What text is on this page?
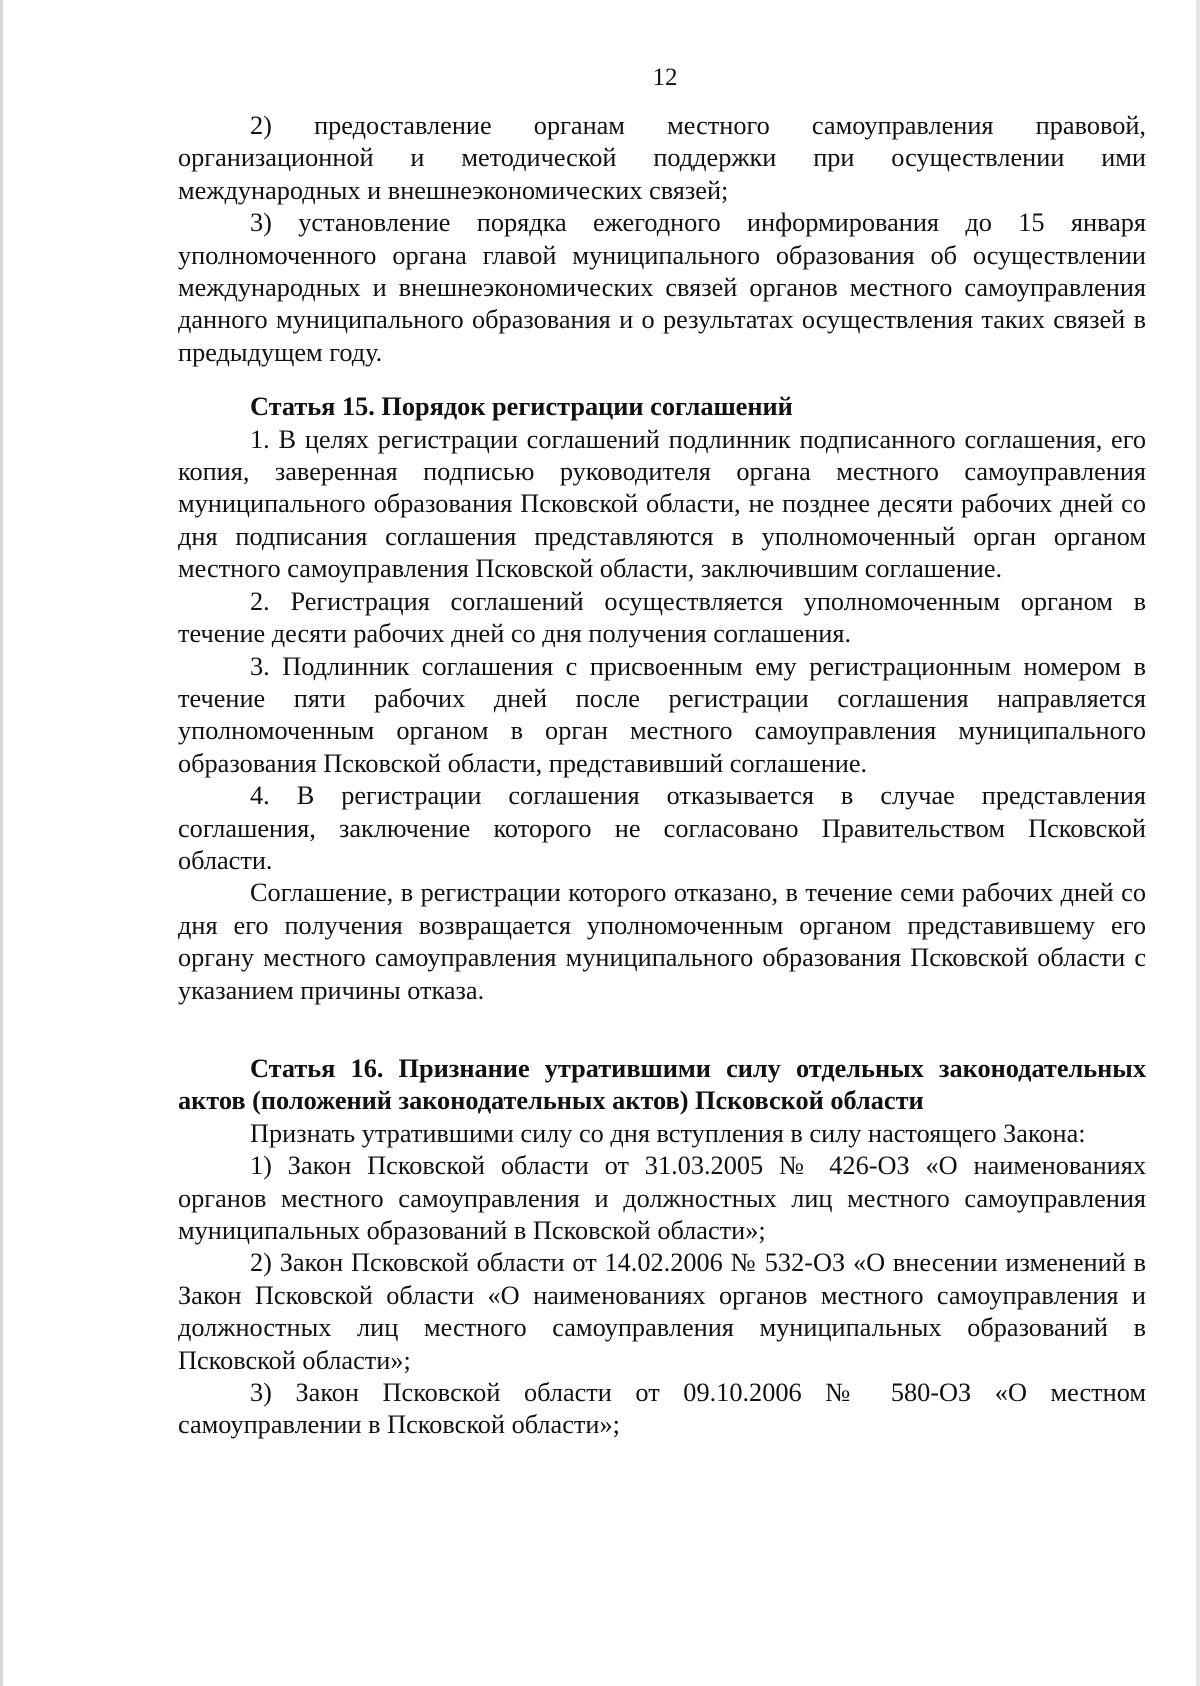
12

2) предоставление органам местного самоуправления правовой, организационной и методической поддержки при осуществлении ими международных и внешнеэкономических связей;

3) установление порядка ежегодного информирования до 15 января уполномоченного органа главой муниципального образования об осуществлении международных и внешнеэкономических связей органов местного самоуправления данного муниципального образования и о результатах осуществления таких связей в предыдущем году.

Статья 15. Порядок регистрации соглашений

1. В целях регистрации соглашений подлинник подписанного соглашения, его копия, заверенная подписью руководителя органа местного самоуправления муниципального образования Псковской области, не позднее десяти рабочих дней со дня подписания соглашения представляются в уполномоченный орган органом местного самоуправления Псковской области, заключившим соглашение.

2. Регистрация соглашений осуществляется уполномоченным органом в течение десяти рабочих дней со дня получения соглашения.

3. Подлинник соглашения с присвоенным ему регистрационным номером в течение пяти рабочих дней после регистрации соглашения направляется уполномоченным органом в орган местного самоуправления муниципального образования Псковской области, представивший соглашение.

4. В регистрации соглашения отказывается в случае представления соглашения, заключение которого не согласовано Правительством Псковской области.

Соглашение, в регистрации которого отказано, в течение семи рабочих дней со дня его получения возвращается уполномоченным органом представившему его органу местного самоуправления муниципального образования Псковской области с указанием причины отказа.

Статья 16. Признание утратившими силу отдельных законодательных актов (положений законодательных актов) Псковской области

Признать утратившими силу со дня вступления в силу настоящего Закона:

1) Закон Псковской области от 31.03.2005 № 426-ОЗ «О наименованиях органов местного самоуправления и должностных лиц местного самоуправления муниципальных образований в Псковской области»;

2) Закон Псковской области от 14.02.2006 № 532-ОЗ «О внесении изменений в Закон Псковской области «О наименованиях органов местного самоуправления и должностных лиц местного самоуправления муниципальных образований в Псковской области»;

3) Закон Псковской области от 09.10.2006 № 580-ОЗ «О местном самоуправлении в Псковской области»;
